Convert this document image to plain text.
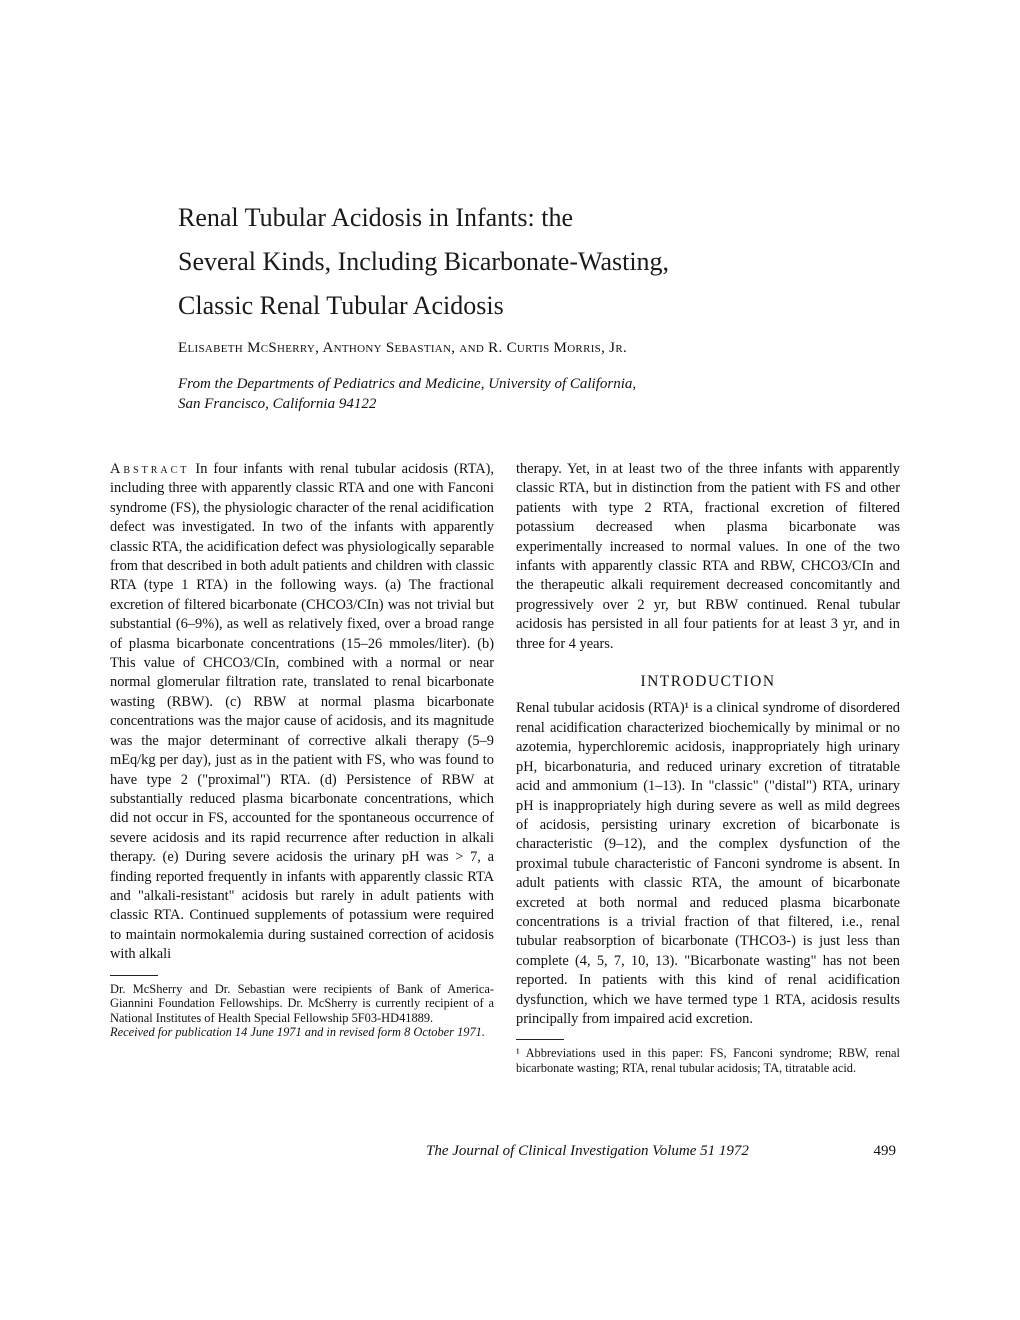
Renal Tubular Acidosis in Infants: the
Several Kinds, Including Bicarbonate-Wasting,
Classic Renal Tubular Acidosis
Elisabeth McSherry, Anthony Sebastian, and R. Curtis Morris, Jr.
From the Departments of Pediatrics and Medicine, University of California,
San Francisco, California 94122

Abstract In four infants with renal tubular acidosis (RTA), including three with apparently classic RTA and one with Fanconi syndrome (FS), the physiologic character of the renal acidification defect was investigated. In two of the infants with apparently classic RTA, the acidification defect was physiologically separable from that described in both adult patients and children with classic RTA (type 1 RTA) in the following ways. (a) The fractional excretion of filtered bicarbonate (CHCO3/CIn) was not trivial but substantial (6–9%), as well as relatively fixed, over a broad range of plasma bicarbonate concentrations (15–26 mmoles/liter). (b) This value of CHCO3/CIn, combined with a normal or near normal glomerular filtration rate, translated to renal bicarbonate wasting (RBW). (c) RBW at normal plasma bicarbonate concentrations was the major cause of acidosis, and its magnitude was the major determinant of corrective alkali therapy (5–9 mEq/kg per day), just as in the patient with FS, who was found to have type 2 ("proximal") RTA. (d) Persistence of RBW at substantially reduced plasma bicarbonate concentrations, which did not occur in FS, accounted for the spontaneous occurrence of severe acidosis and its rapid recurrence after reduction in alkali therapy. (e) During severe acidosis the urinary pH was > 7, a finding reported frequently in infants with apparently classic RTA and "alkali-resistant" acidosis but rarely in adult patients with classic RTA. Continued supplements of potassium were required to maintain normokalemia during sustained correction of acidosis with alkali

Dr. McSherry and Dr. Sebastian were recipients of Bank of America-Giannini Foundation Fellowships. Dr. McSherry is currently recipient of a National Institutes of Health Special Fellowship 5F03-HD41889.

Received for publication 14 June 1971 and in revised form 8 October 1971.

therapy. Yet, in at least two of the three infants with apparently classic RTA, but in distinction from the patient with FS and other patients with type 2 RTA, fractional excretion of filtered potassium decreased when plasma bicarbonate was experimentally increased to normal values. In one of the two infants with apparently classic RTA and RBW, CHCO3/CIn and the therapeutic alkali requirement decreased concomitantly and progressively over 2 yr, but RBW continued. Renal tubular acidosis has persisted in all four patients for at least 3 yr, and in three for 4 years.

INTRODUCTION

Renal tubular acidosis (RTA)¹ is a clinical syndrome of disordered renal acidification characterized biochemically by minimal or no azotemia, hyperchloremic acidosis, inappropriately high urinary pH, bicarbonaturia, and reduced urinary excretion of titratable acid and ammonium (1–13). In "classic" ("distal") RTA, urinary pH is inappropriately high during severe as well as mild degrees of acidosis, persisting urinary excretion of bicarbonate is characteristic (9–12), and the complex dysfunction of the proximal tubule characteristic of Fanconi syndrome is absent. In adult patients with classic RTA, the amount of bicarbonate excreted at both normal and reduced plasma bicarbonate concentrations is a trivial fraction of that filtered, i.e., renal tubular reabsorption of bicarbonate (THCO3-) is just less than complete (4, 5, 7, 10, 13). "Bicarbonate wasting" has not been reported. In patients with this kind of renal acidification dysfunction, which we have termed type 1 RTA, acidosis results principally from impaired acid excretion.

¹ Abbreviations used in this paper: FS, Fanconi syndrome; RBW, renal bicarbonate wasting; RTA, renal tubular acidosis; TA, titratable acid.
The Journal of Clinical Investigation Volume 51 1972	499
